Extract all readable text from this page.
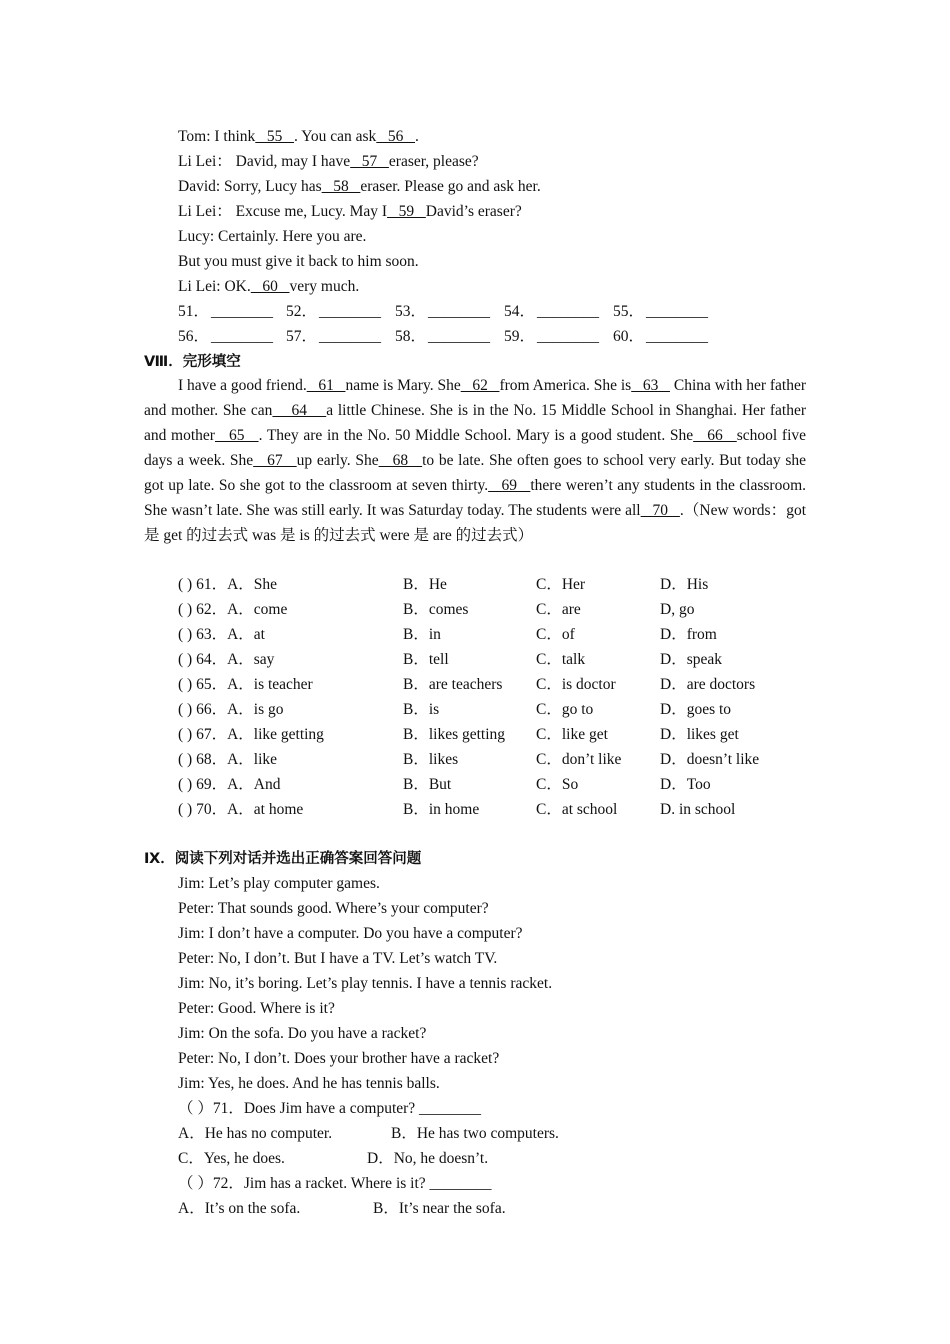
Tom: I think   55   . You can ask   56   .
Li Lei： David, may I have   57   eraser, please?
David: Sorry, Lucy has   58   eraser. Please go and ask her.
Li Lei： Excuse me, Lucy. May I   59   David’s eraser?
Lucy: Certainly. Here you are.
But you must give it back to him soon.
Li Lei: OK.   60   very much.
51． ________ 52． ________ 53． ________ 54． ________ 55． ________
56． ________ 57． ________ 58． ________ 59． ________ 60． ________
Ⅷ．完形填空
I have a good friend.   61   name is Mary. She   62   from America. She is   63    China with her father and mother. She can    64    a little Chinese. She is in the No. 15 Middle School in Shanghai. Her father and mother   65   . They are in the No. 50 Middle School. Mary is a good student. She   66   school five days a week. She   67   up early. She   68   to be late. She often goes to school very early. But today she got up late. So she got to the classroom at seven thirty.   69   there weren’t any students in the classroom. She wasn’t late. She was still early. It was Saturday today. The students were all   70   .（New words：got 是 get 的过去式 was 是 is 的过去式 were 是 are 的过去式）
( ) 61．A．She	B．He	C．Her	D．His
( ) 62．A．come	B．comes	C．are	D, go
( ) 63．A．at	B．in	C．of	D．from
( ) 64．A．say	B．tell	C．talk	D．speak
( ) 65．A．is teacher	B．are teachers C．is doctor	D．are doctors
( ) 66．A．is go	B．is	C．go to	D．goes to
( ) 67．A．like getting	B．likes getting C．like get	D．likes get
( ) 68．A．like	B．likes	C．don’t like D．doesn’t like
( ) 69．A．And	B．But	C．So	D．Too
( ) 70．A．at home	B．in home	C．at school	D. in school
Ⅸ．阅读下列对话并选出正确答案回答问题
Jim: Let’s play computer games.
Peter: That sounds good. Where’s your computer?
Jim: I don’t have a computer. Do you have a computer?
Peter: No, I don’t. But I have a TV. Let’s watch TV.
Jim: No, it’s boring. Let’s play tennis. I have a tennis racket.
Peter: Good. Where is it?
Jim: On the sofa. Do you have a racket?
Peter: No, I don’t. Does your brother have a racket?
Jim: Yes, he does. And he has tennis balls.
（ ）71．Does Jim have a computer? ________
A．He has no computer.	B．He has two computers.
C．Yes, he does.	D．No, he doesn’t.
（ ）72．Jim has a racket. Where is it? ________
A．It’s on the sofa.	B．It’s near the sofa.
